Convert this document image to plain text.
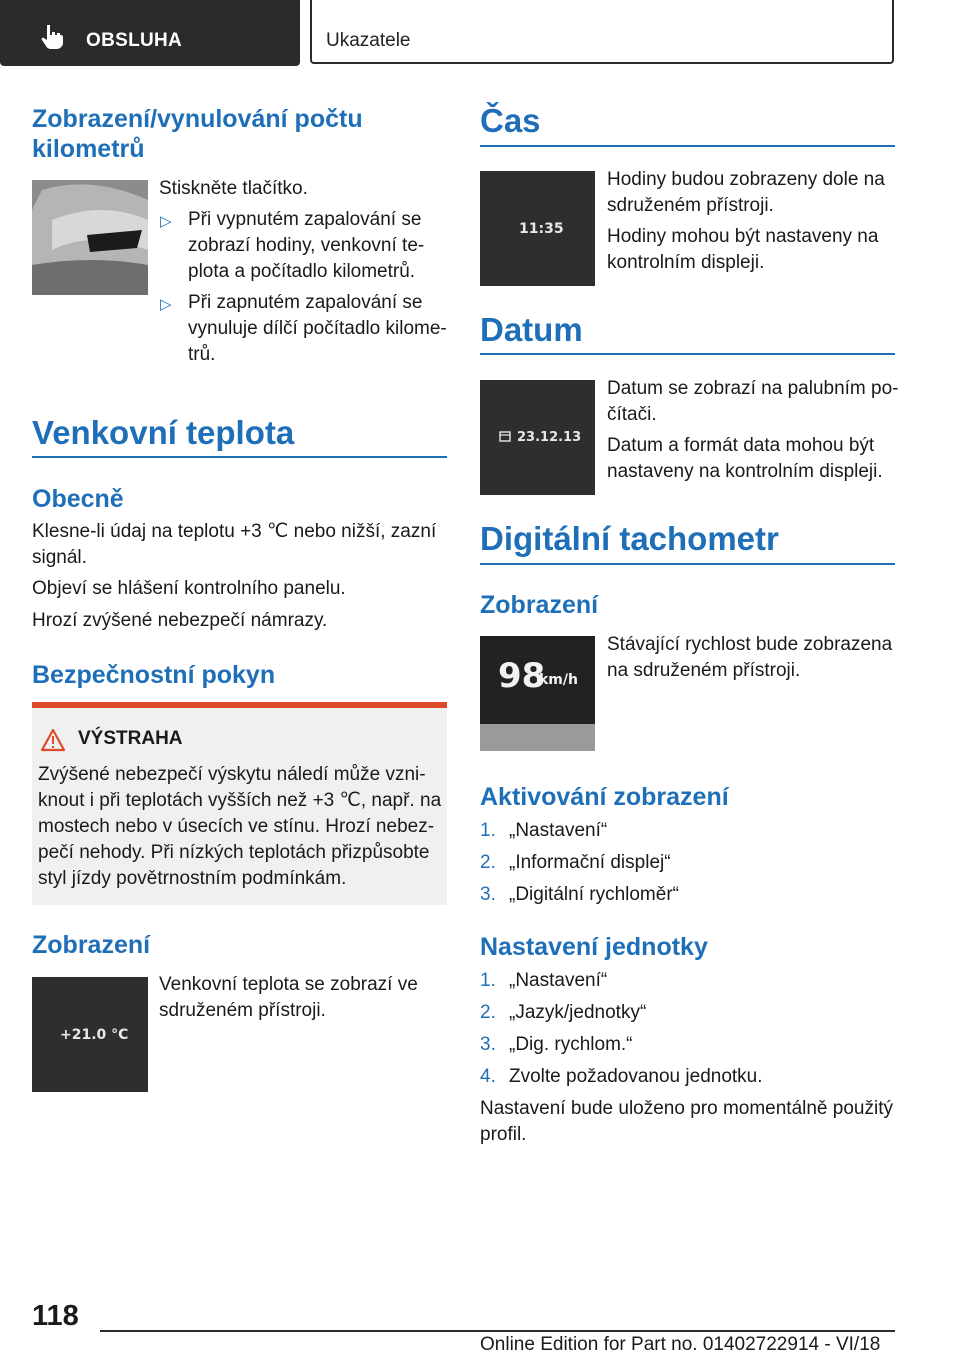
OBSLUHA	Ukazatele
Zobrazení/vynulování počtu
kilometrů

Stiskněte tlačítko.

▷ Při vypnutém zapalování se
zobrazí hodiny, venkovní te-
plota a počítadlo kilometrů.

▷ Při zapnutém zapalování se
vynuluje dílčí počítadlo kilome-
trů.

Venkovní teplota
Obecně

Klesne-li údaj na teplotu +3 ℃ nebo nižší, zazní
signál.

Objeví se hlášení kontrolního panelu.

Hrozí zvýšené nebezpečí námrazy.

Bezpečnostní pokyn
VÝSTRAHA

Zvýšené nebezpečí výskytu náledí může vzni-
knout i při teplotách vyšších než +3 ℃, např. na
mostech nebo v úsecích ve stínu. Hrozí nebez-
pečí nehody. Při nízkých teplotách přizpůsobte
styl jízdy povětrnostním podmínkám.

Zobrazení
+21.0 °C

Venkovní teplota se zobrazí ve
sdruženém přístroji.

Čas
11:35

Hodiny budou zobrazeny dole na
sdruženém přístroji.

Hodiny mohou být nastaveny na
kontrolním displeji.

Datum
23.12.13

Datum se zobrazí na palubním po-
čítači.

Datum a formát data mohou být
nastaveny na kontrolním displeji.

Digitální tachometr
Zobrazení
98
km/h

Stávající rychlost bude zobrazena
na sdruženém přístroji.

Aktivování zobrazení
1. „Nastavení“

2. „Informační displej“

3. „Digitální rychloměr“

Nastavení jednotky
1. „Nastavení“

2. „Jazyk/jednotky“

3. „Dig. rychlom.“

4. Zvolte požadovanou jednotku.

Nastavení bude uloženo pro momentálně použitý
profil.

118
Online Edition for Part no. 01402722914 - VI/18
